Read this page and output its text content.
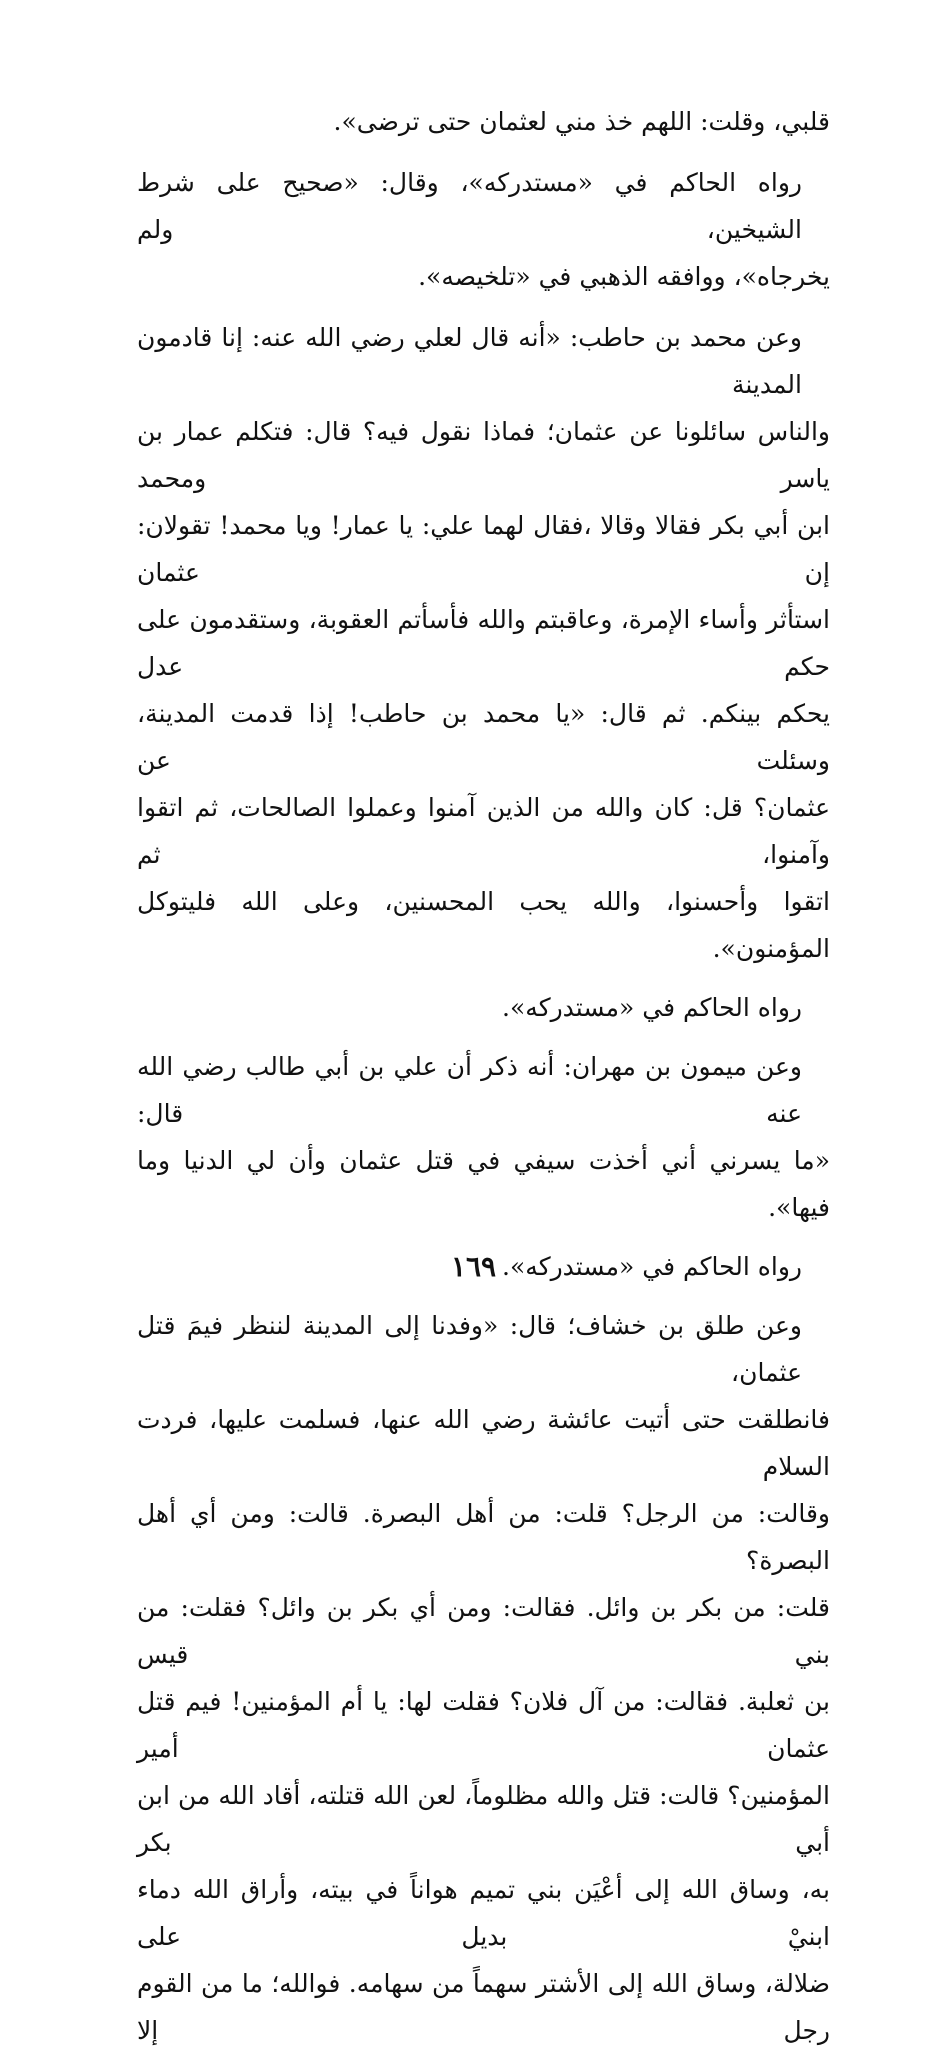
قلبي، وقلت: اللهم خذ مني لعثمان حتى ترضى».

رواه الحاكم في «مستدركه»، وقال: «صحيح على شرط الشيخين، ولم
يخرجاه»، ووافقه الذهبي في «تلخيصه».

وعن محمد بن حاطب: «أنه قال لعلي رضي الله عنه: إنا قادمون المدينة
والناس سائلونا عن عثمان؛ فماذا نقول فيه؟ قال: فتكلم عمار بن ياسر ومحمد
ابن أبي بكر فقالا وقالا ،فقال لهما علي: يا عمار! ويا محمد! تقولان: إن عثمان
استأثر وأساء الإمرة، وعاقبتم والله فأسأتم العقوبة، وستقدمون على حكم عدل
يحكم بينكم. ثم قال: «يا محمد بن حاطب! إذا قدمت المدينة، وسئلت عن
عثمان؟ قل: كان والله من الذين آمنوا وعملوا الصالحات، ثم اتقوا وآمنوا، ثم
اتقوا وأحسنوا، والله يحب المحسنين، وعلى الله فليتوكل المؤمنون».

رواه الحاكم في «مستدركه».

وعن ميمون بن مهران: أنه ذكر أن علي بن أبي طالب رضي الله عنه قال:
«ما يسرني أني أخذت سيفي في قتل عثمان وأن لي الدنيا وما فيها».

رواه الحاكم في «مستدركه».

وعن طلق بن خشاف؛ قال: «وفدنا إلى المدينة لننظر فيمَ قتل عثمان،
فانطلقت حتى أتيت عائشة رضي الله عنها، فسلمت عليها، فردت السلام
وقالت: من الرجل؟ قلت: من أهل البصرة. قالت: ومن أي أهل البصرة؟
قلت: من بكر بن وائل. فقالت: ومن أي بكر بن وائل؟ فقلت: من بني قيس
بن ثعلبة. فقالت: من آل فلان؟ فقلت لها: يا أم المؤمنين! فيم قتل عثمان أمير
المؤمنين؟ قالت: قتل والله مظلوماً، لعن الله قتلته، أقاد الله من ابن أبي بكر
به، وساق الله إلى أعْيَن بني تميم هواناً في بيته، وأراق الله دماء ابنيْ بديل على
ضلالة، وساق الله إلى الأشتر سهماً من سهامه. فوالله؛ ما من القوم رجل إلا

١٦٩
